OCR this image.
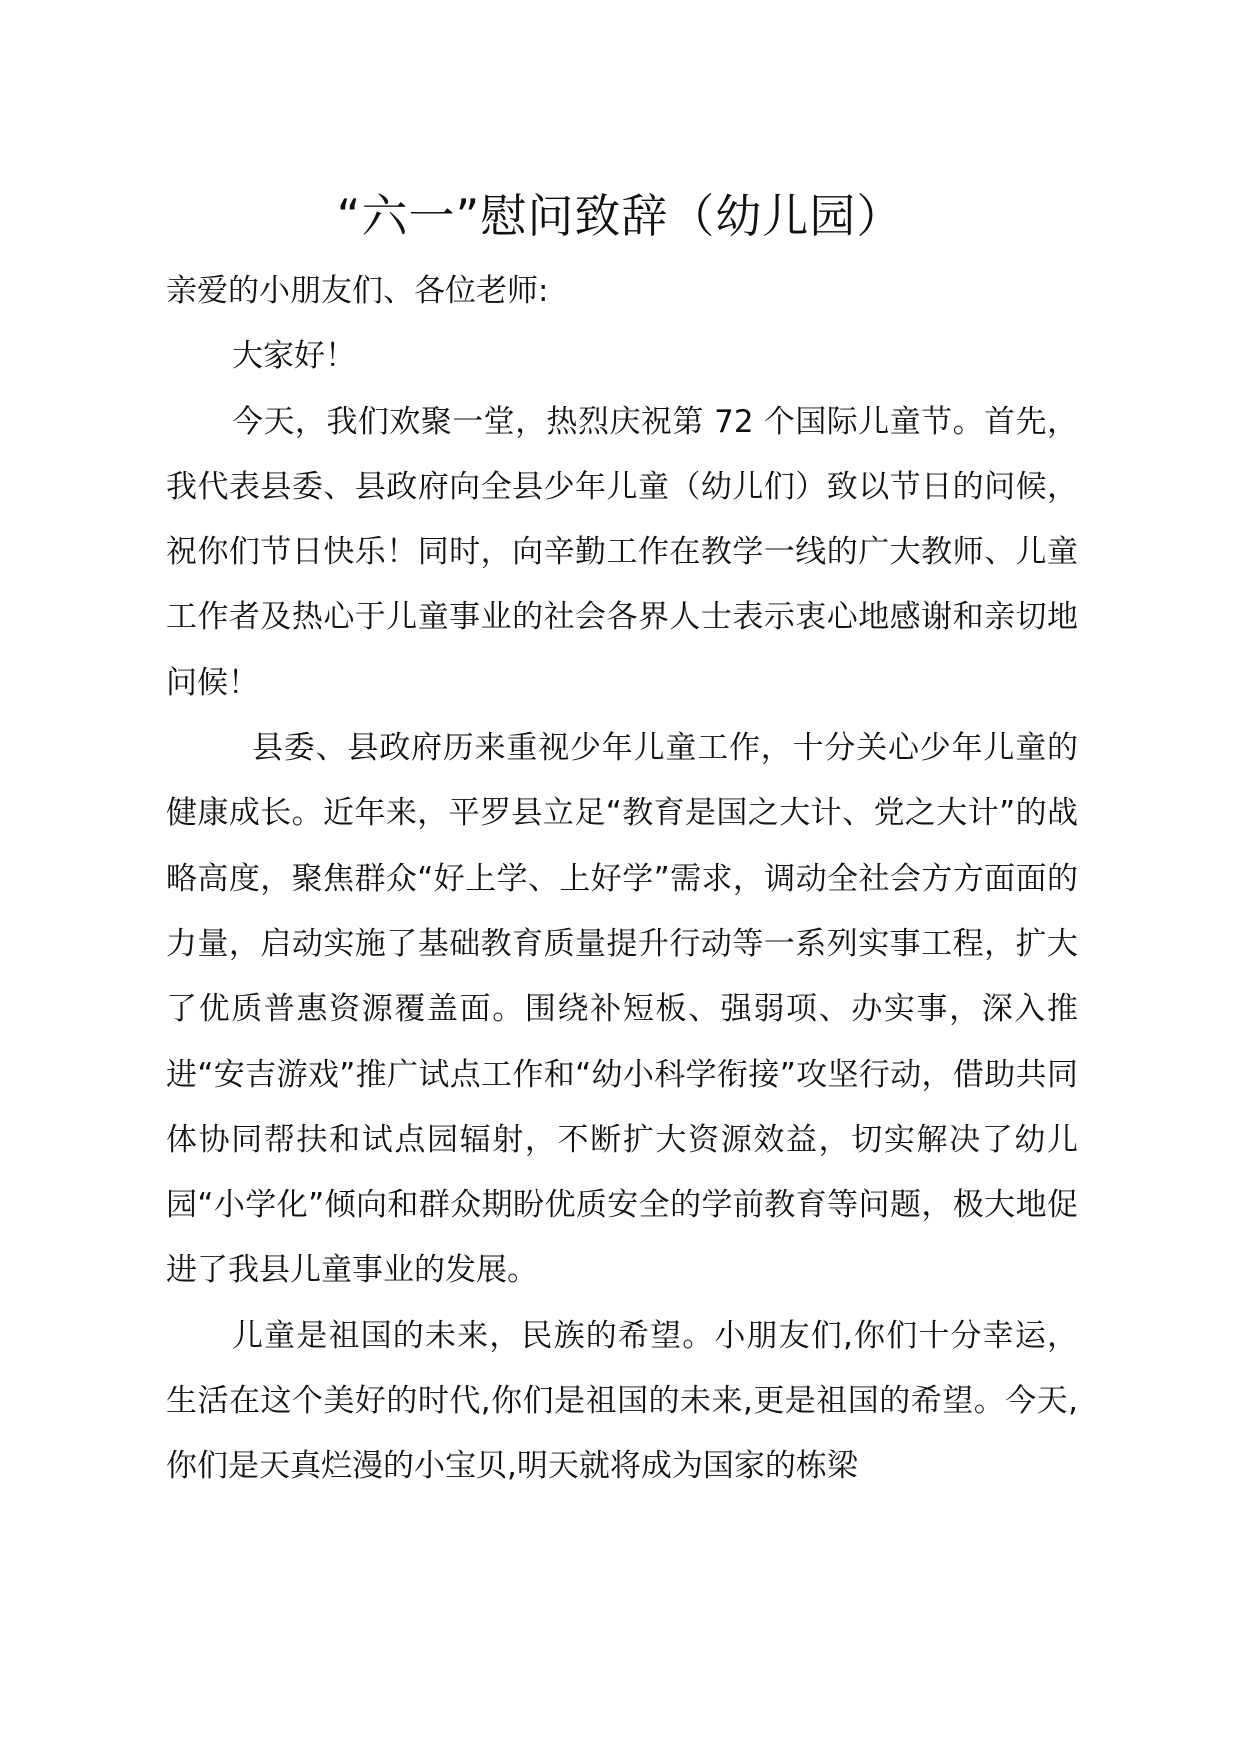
“六一”慰问致辞（幼儿园）

亲爱的小朋友们、各位老师:

大家好！

今天，我们欢聚一堂，热烈庆祝第 72 个国际儿童节。首先，我代表县委、县政府向全县少年儿童（幼儿们）致以节日的问候，祝你们节日快乐！同时，向辛勤工作在教学一线的广大教师、儿童工作者及热心于儿童事业的社会各界人士表示衷心地感谢和亲切地问候！

县委、县政府历来重视少年儿童工作，十分关心少年儿童的健康成长。近年来，平罗县立足“教育是国之大计、党之大计”的战略高度，聚焦群众“好上学、上好学”需求，调动全社会方方面面的力量，启动实施了基础教育质量提升行动等一系列实事工程，扩大了优质普惠资源覆盖面。围绕补短板、强弱项、办实事，深入推进“安吉游戏”推广试点工作和“幼小科学衔接”攻坚行动，借助共同体协同帮扶和试点园辐射，不断扩大资源效益，切实解决了幼儿园“小学化”倾向和群众期盼优质安全的学前教育等问题，极大地促进了我县儿童事业的发展。

儿童是祖国的未来，民族的希望。小朋友们,你们十分幸运，生活在这个美好的时代,你们是祖国的未来,更是祖国的希望。今天,你们是天真烂漫的小宝贝,明天就将成为国家的栋梁
